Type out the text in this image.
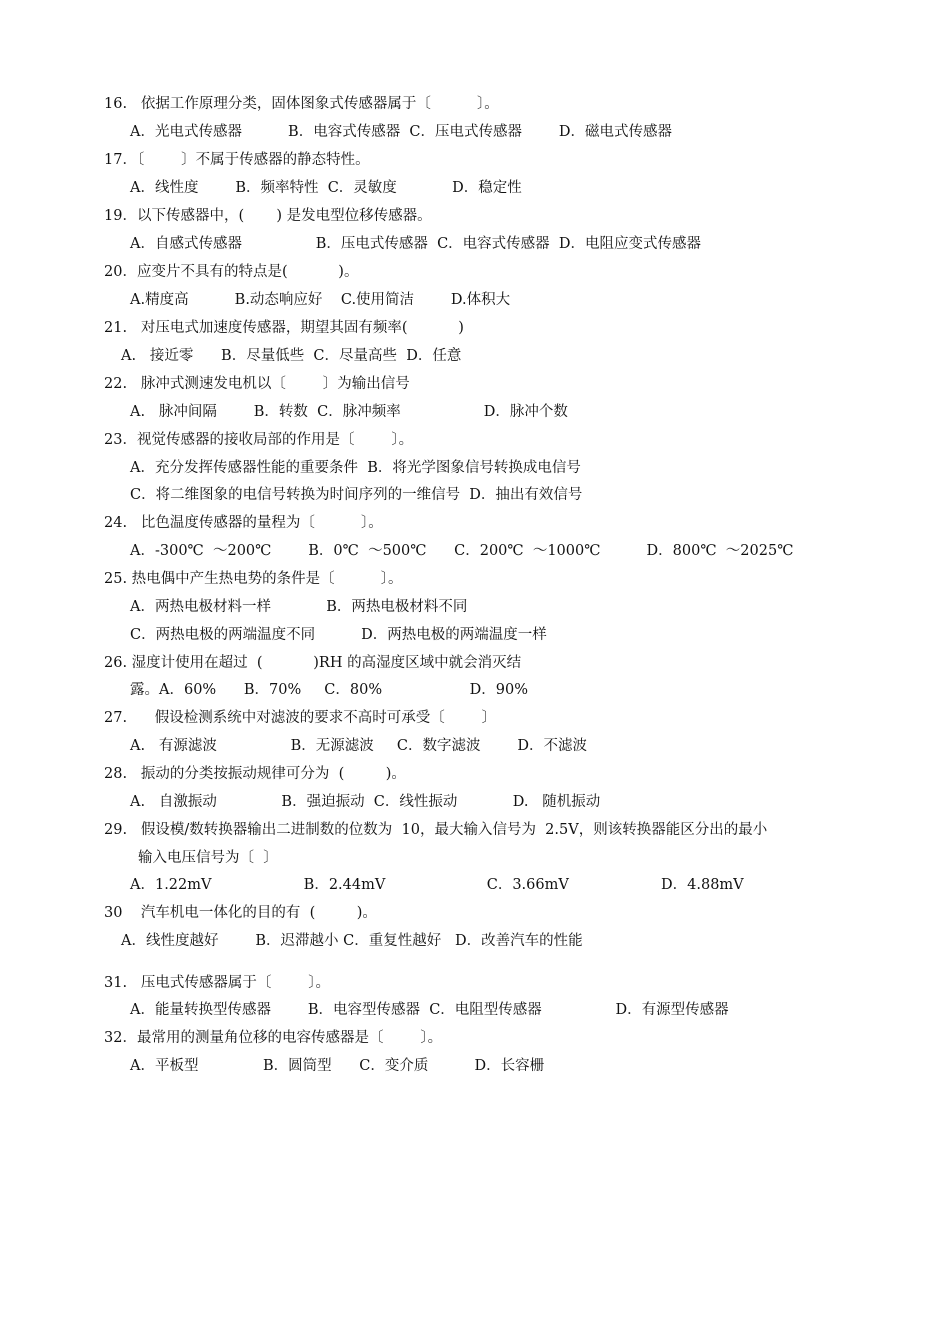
16.   依据工作原理分类，固体图象式传感器属于〔          〕。
A．光电式传感器          B．电容式传感器  C．压电式传感器        D．磁电式传感器
17．〔        〕不属于传感器的静态特性。
A．线性度        B．频率特性  C．灵敏度            D．稳定性
19．以下传感器中，(       ) 是发电型位移传感器。
A．自感式传感器                B．压电式传感器  C．电容式传感器  D．电阻应变式传感器
20．应变片不具有的特点是(           )。
A.精度高          B.动态响应好    C.使用简洁        D.体积大
21.   对压电式加速度传感器，期望其固有频率(           )
A.   接近零      B．尽量低些  C．尽量高些  D．任意
22.   脉冲式测速发电机以〔        〕为输出信号
A.   脉冲间隔        B．转数  C．脉冲频率                  D．脉冲个数
23．视觉传感器的接收局部的作用是〔        〕。
A．充分发挥传感器性能的重要条件  B．将光学图象信号转换成电信号
C．将二维图象的电信号转换为时间序列的一维信号  D．抽出有效信号
24.   比色温度传感器的量程为〔          〕。
A．-300℃  ～200℃        B．0℃  ～500℃      C．200℃  ～1000℃          D．800℃  ～2025℃
25. 热电偶中产生热电势的条件是〔          〕。
A．两热电极材料一样            B．两热电极材料不同
C．两热电极的两端温度不同          D．两热电极的两端温度一样
26. 湿度计使用在超过  (           )RH 的高湿度区域中就会消灭结
露。A．60%      B．70%     C．80%                   D．90%
27.      假设检测系统中对滤波的要求不高时可承受〔        〕
A.   有源滤波                B．无源滤波     C．数字滤波        D．不滤波
28.   振动的分类按振动规律可分为  (         )。
A.   自激振动              B．强迫振动  C．线性振动            D.   随机振动
29.   假设模/数转换器输出二进制数的位数为  10，最大输入信号为  2.5V，则该转换器能区分出的最小
输入电压信号为〔  〕
A．1.22mV                    B．2.44mV                      C．3.66mV                    D．4.88mV
30    汽车机电一体化的目的有  (         )。
A．线性度越好        B．迟滞越小 C．重复性越好   D．改善汽车的性能
31.   压电式传感器属于〔        〕。
A．能量转换型传感器        B．电容型传感器  C．电阻型传感器                D．有源型传感器
32．最常用的测量角位移的电容传感器是〔        〕。
A．平板型              B．圆筒型      C．变介质          D．长容栅
